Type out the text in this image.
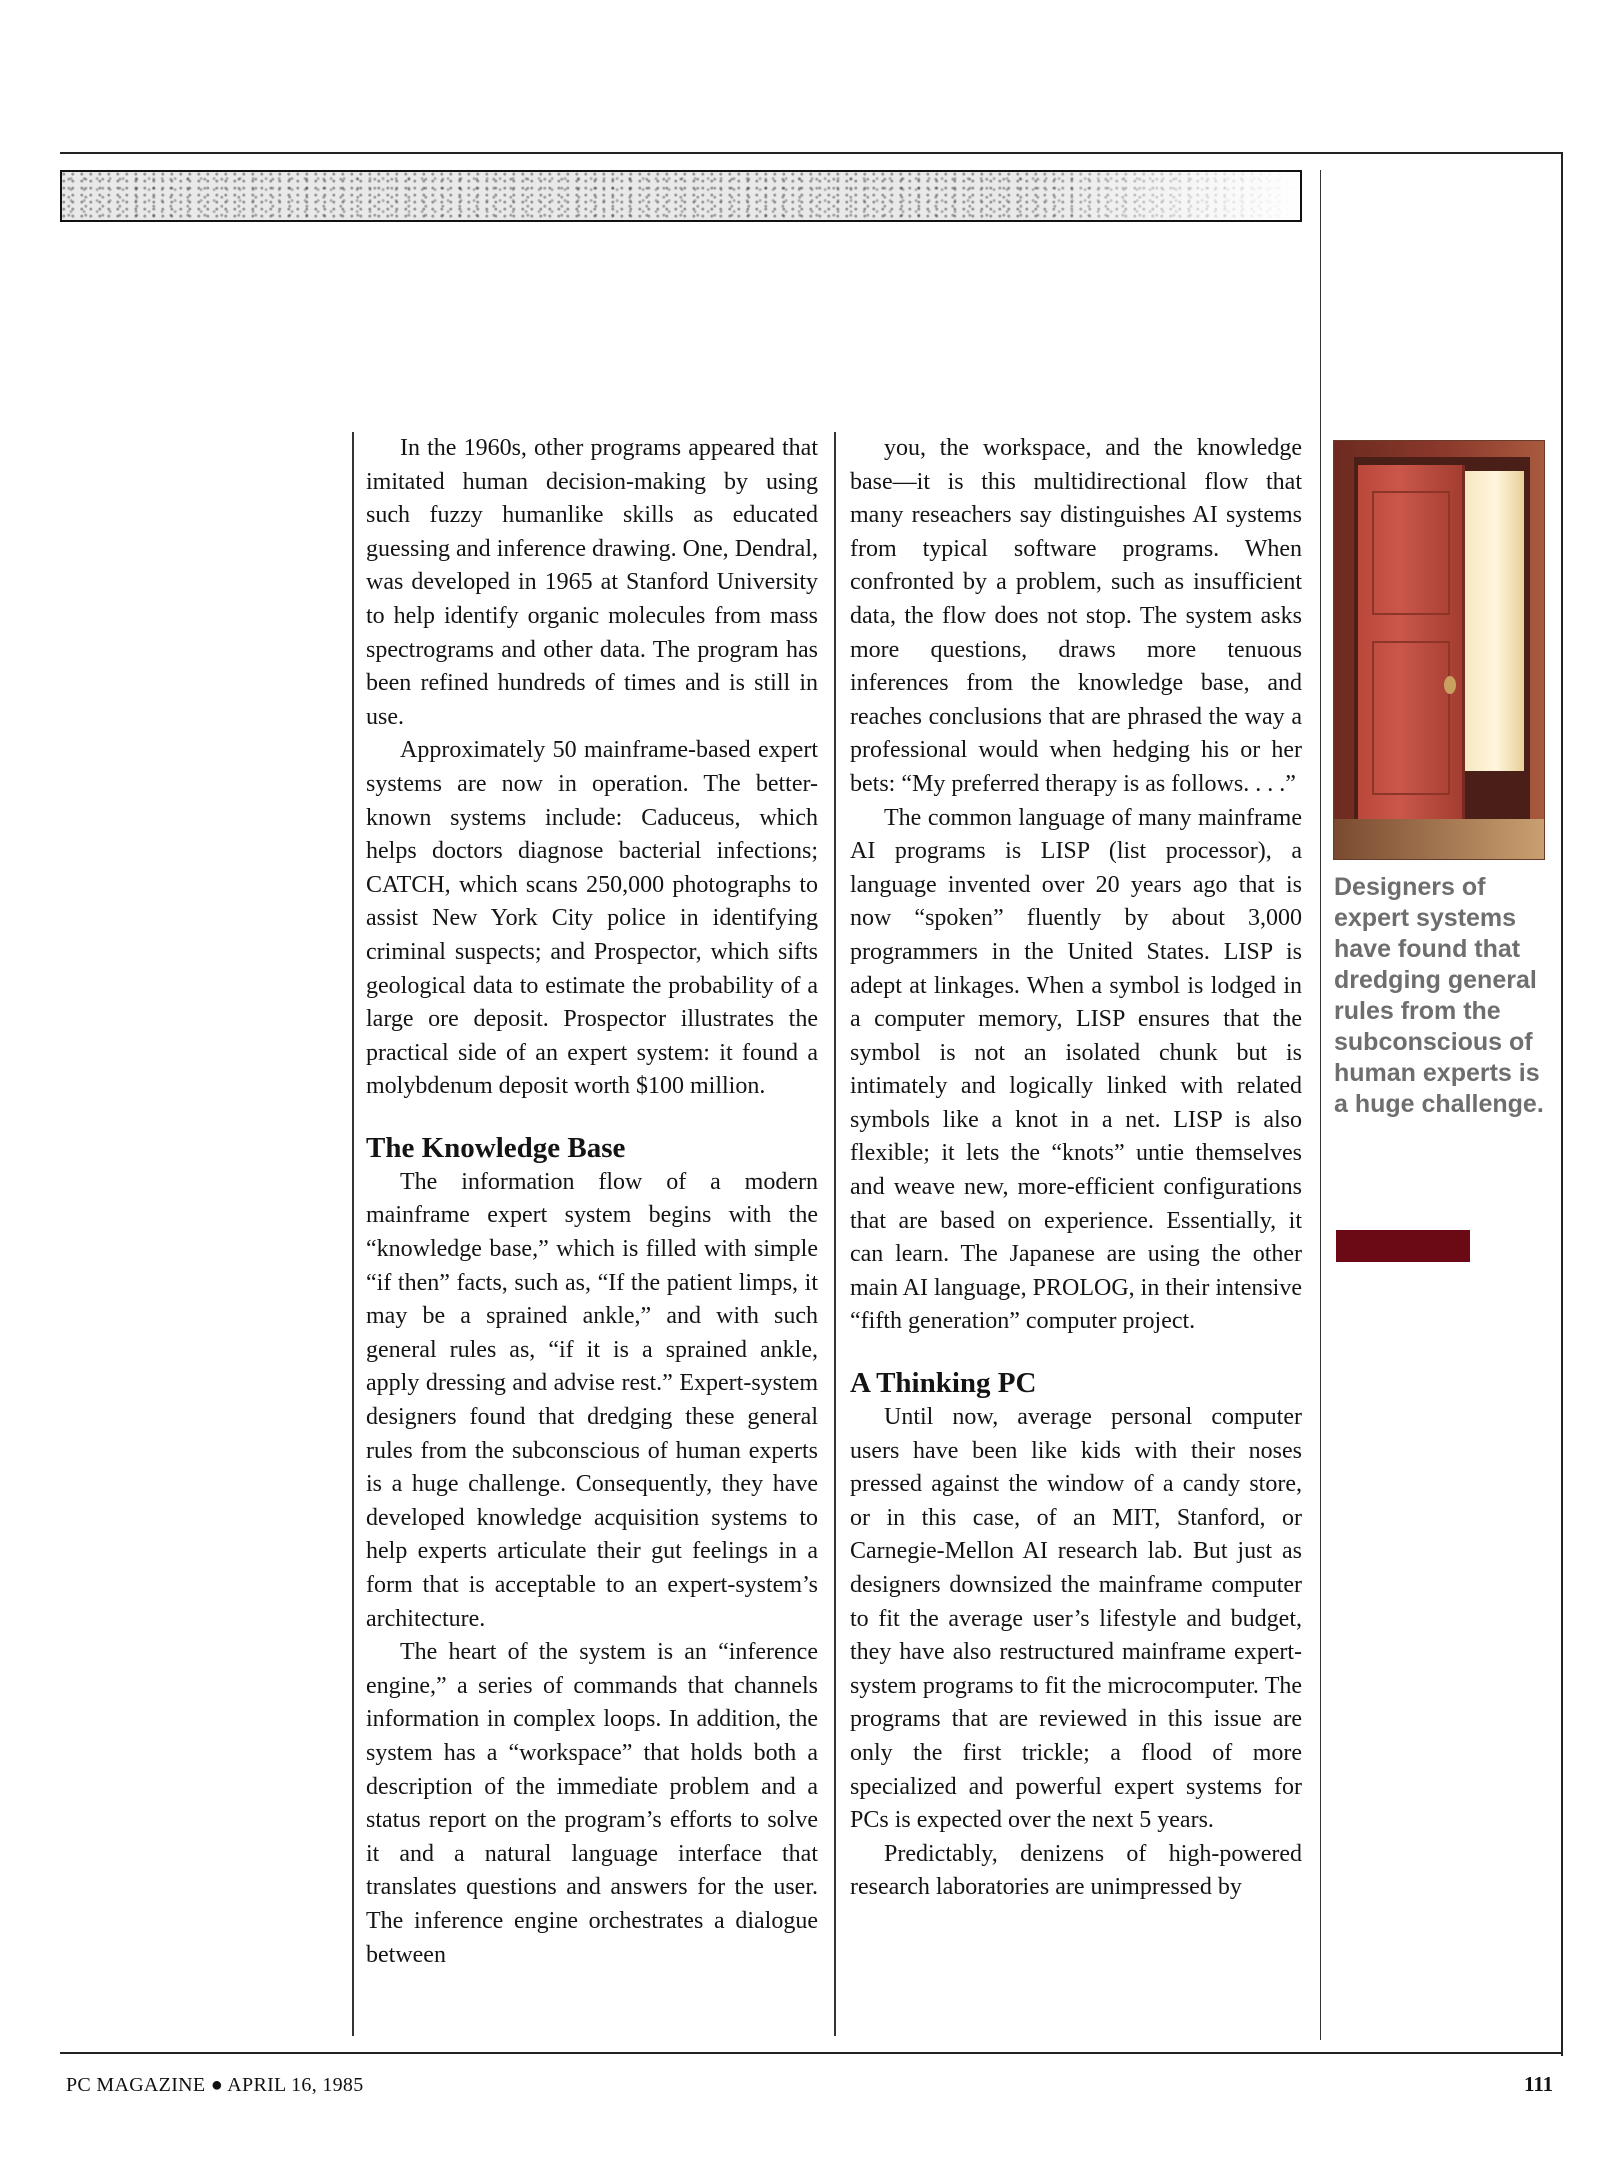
In the 1960s, other programs appeared that imitated human decision-making by using such fuzzy humanlike skills as educated guessing and inference drawing. One, Dendral, was developed in 1965 at Stanford University to help identify organic molecules from mass spectrograms and other data. The program has been refined hundreds of times and is still in use.

Approximately 50 mainframe-based expert systems are now in operation. The better-known systems include: Caduceus, which helps doctors diagnose bacterial infections; CATCH, which scans 250,000 photographs to assist New York City police in identifying criminal suspects; and Prospector, which sifts geological data to estimate the probability of a large ore deposit. Prospector illustrates the practical side of an expert system: it found a molybdenum deposit worth $100 million.

The Knowledge Base

The information flow of a modern mainframe expert system begins with the “knowledge base,” which is filled with simple “if then” facts, such as, “If the patient limps, it may be a sprained ankle,” and with such general rules as, “if it is a sprained ankle, apply dressing and advise rest.” Expert-system designers found that dredging these general rules from the subconscious of human experts is a huge challenge. Consequently, they have developed knowledge acquisition systems to help experts articulate their gut feelings in a form that is acceptable to an expert-system’s architecture.

The heart of the system is an “inference engine,” a series of commands that channels information in complex loops. In addition, the system has a “workspace” that holds both a description of the immediate problem and a status report on the program’s efforts to solve it and a natural language interface that translates questions and answers for the user. The inference engine orchestrates a dialogue between

you, the workspace, and the knowledge base—it is this multidirectional flow that many reseachers say distinguishes AI systems from typical software programs. When confronted by a problem, such as insufficient data, the flow does not stop. The system asks more questions, draws more tenuous inferences from the knowledge base, and reaches conclusions that are phrased the way a professional would when hedging his or her bets: “My preferred therapy is as follows. . . .”

The common language of many mainframe AI programs is LISP (list processor), a language invented over 20 years ago that is now “spoken” fluently by about 3,000 programmers in the United States. LISP is adept at linkages. When a symbol is lodged in a computer memory, LISP ensures that the symbol is not an isolated chunk but is intimately and logically linked with related symbols like a knot in a net. LISP is also flexible; it lets the “knots” untie themselves and weave new, more-efficient configurations that are based on experience. Essentially, it can learn. The Japanese are using the other main AI language, PROLOG, in their intensive “fifth generation” computer project.

A Thinking PC

Until now, average personal computer users have been like kids with their noses pressed against the window of a candy store, or in this case, of an MIT, Stanford, or Carnegie-Mellon AI research lab. But just as designers downsized the mainframe computer to fit the average user’s lifestyle and budget, they have also restructured mainframe expert-system programs to fit the microcomputer. The programs that are reviewed in this issue are only the first trickle; a flood of more specialized and powerful expert systems for PCs is expected over the next 5 years.

Predictably, denizens of high-powered research laboratories are unimpressed by

Designers of expert systems have found that dredging general rules from the subconscious of human experts is a huge challenge.

PC MAGAZINE ● APRIL 16, 1985	111
